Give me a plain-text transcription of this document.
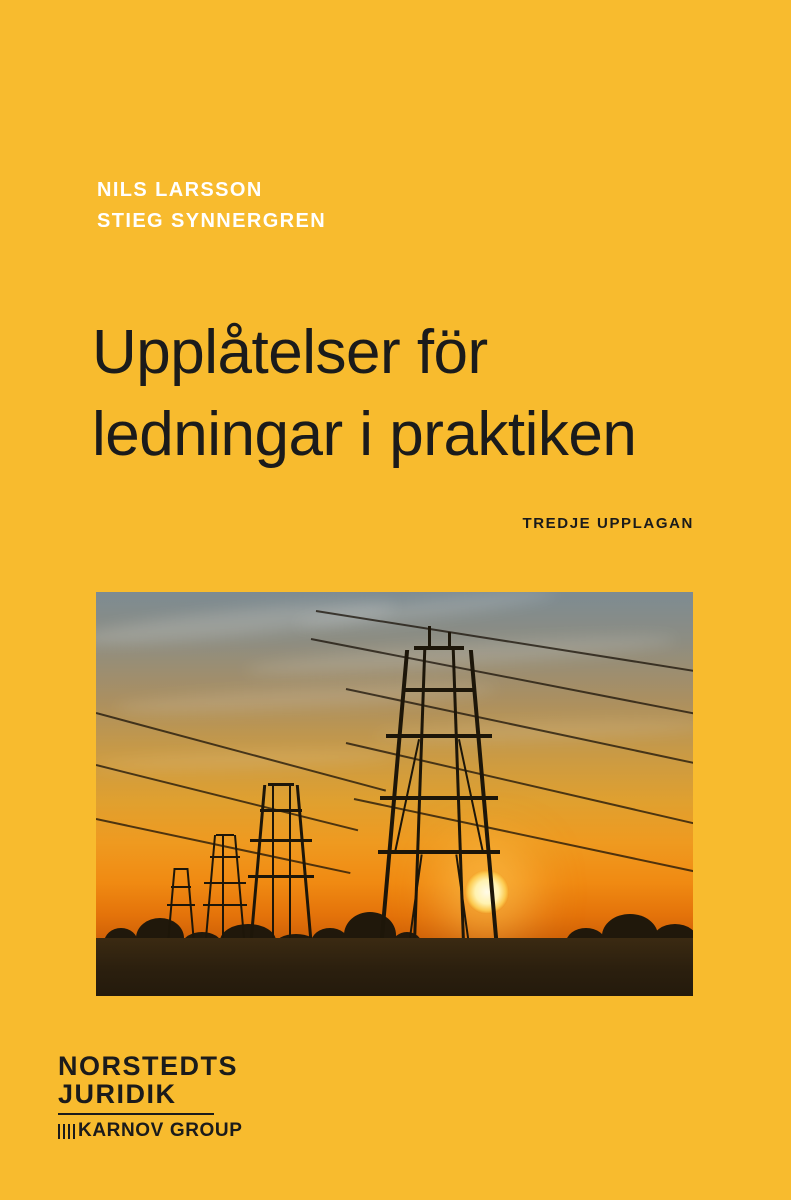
NILS LARSSON
STIEG SYNNERGREN
Upplåtelser för
ledningar i praktiken
TREDJE UPPLAGAN
NORSTEDTS
JURIDIK
KARNOV GROUP
